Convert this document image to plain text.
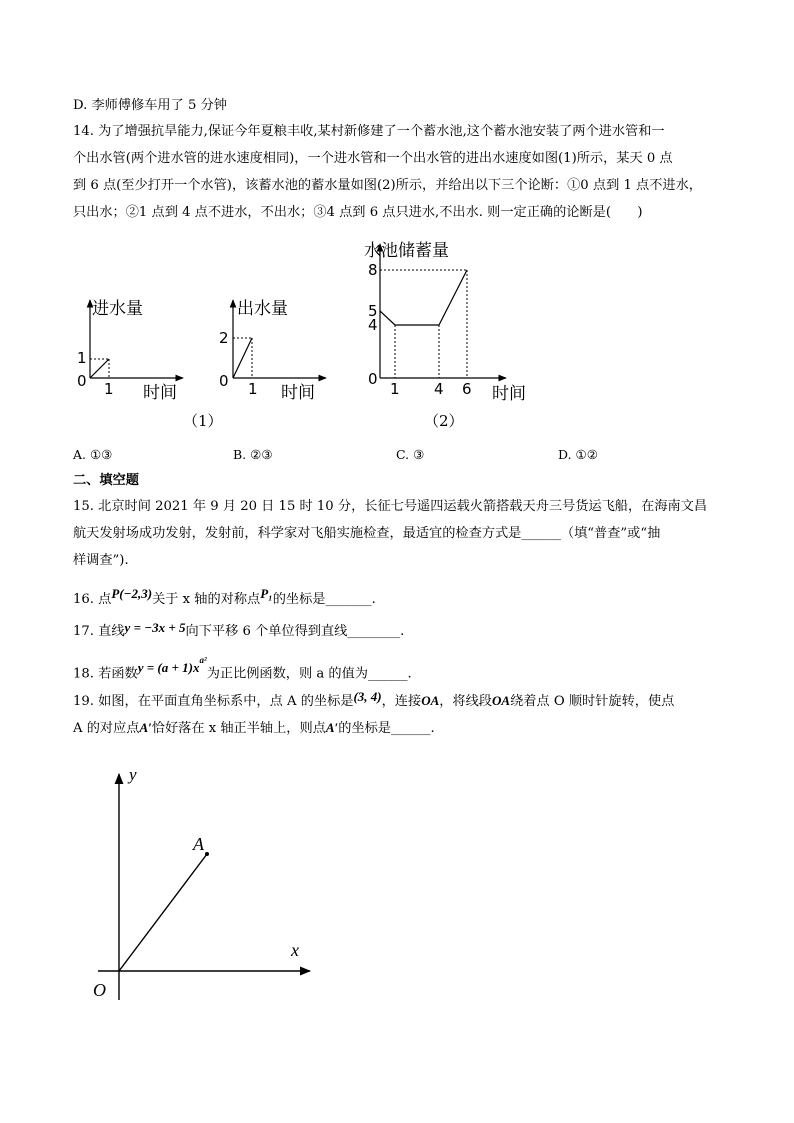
D. 李师傅修车用了 5 分钟
14. 为了增强抗旱能力,保证今年夏粮丰收,某村新修建了一个蓄水池,这个蓄水池安装了两个进水管和一
个出水管(两个进水管的进水速度相同)，一个进水管和一个出水管的进出水速度如图(1)所示，某天 0 点
到 6 点(至少打开一个水管)，该蓄水池的蓄水量如图(2)所示，并给出以下三个论断：①0 点到 1 点不进水，
只出水；②1 点到 4 点不进水，不出水；③4 点到 6 点只进水,不出水. 则一定正确的论断是(　　)
进水量
时间
0
1
1
出水量
时间
0
2
1
水池储蓄量
时间
0
8
5
4
1 4 6
（1）	（2）
A. ①③	B. ②③	C. ③	D. ①②
二、填空题
15. 北京时间 2021 年 9 月 20 日 15 时 10 分，长征七号遥四运载火箭搭载天舟三号货运飞船，在海南文昌
航天发射场成功发射，发射前，科学家对飞船实施检查，最适宜的检查方式是______（填“普查”或“抽
样调查”).
16. 点P(−2,3)关于 x 轴的对称点P₁的坐标是_______.
17. 直线y = −3x + 5向下平移 6 个单位得到直线________.
18. 若函数$y = (a + 1)x^{a^2}$为正比例函数，则 a 的值为______.
19. 如图，在平面直角坐标系中，点 A 的坐标是(3, 4)，连接OA，将线段OA绕着点 O 顺时针旋转，使点
A 的对应点A′恰好落在 x 轴正半轴上，则点A′的坐标是______.
y
x
O
A
